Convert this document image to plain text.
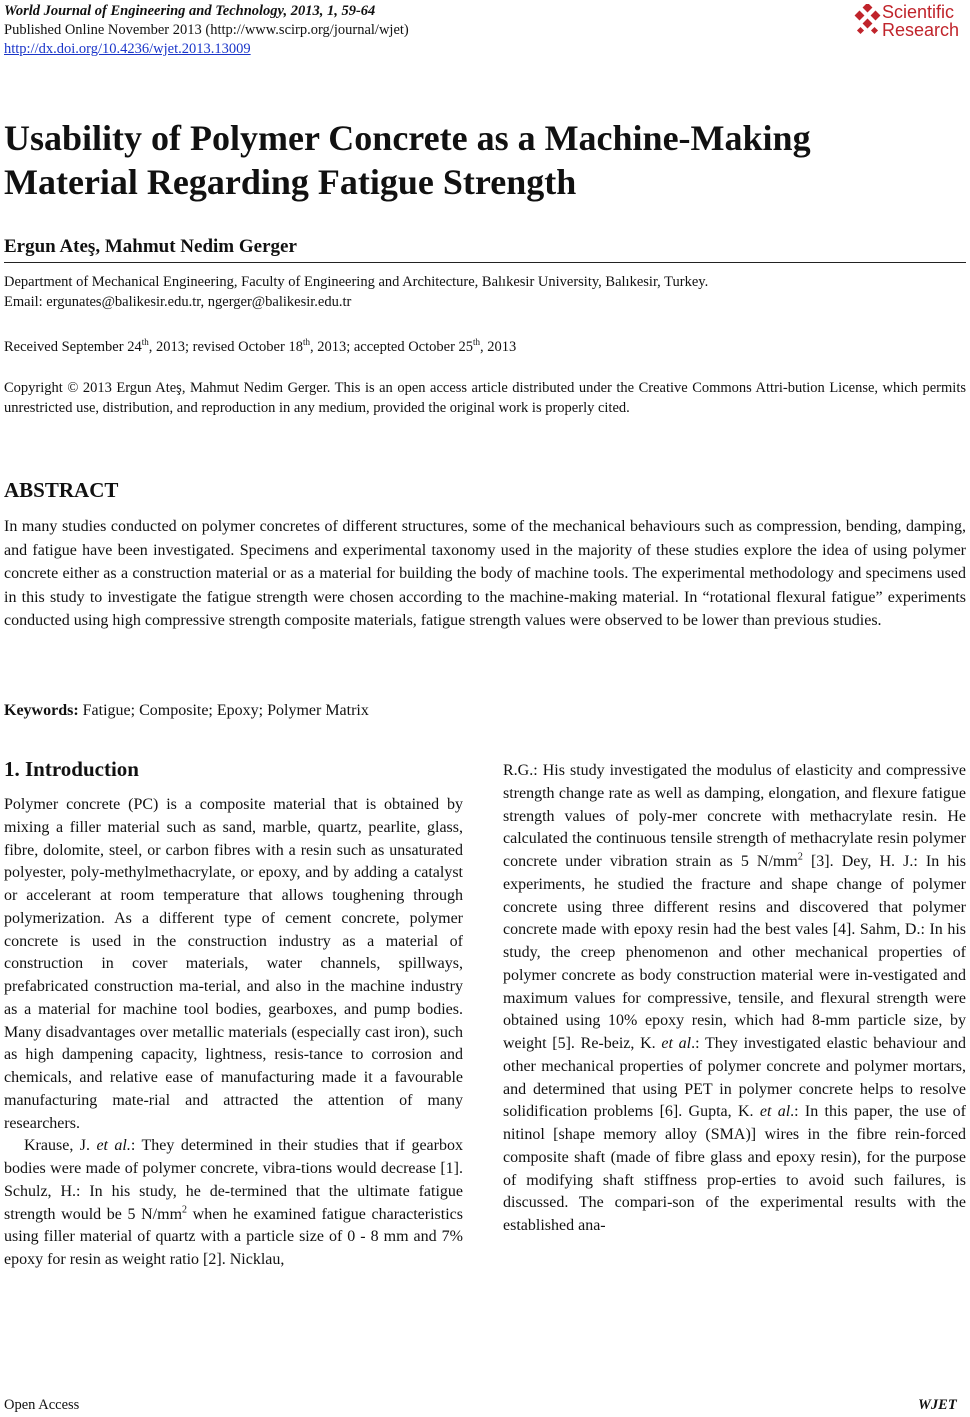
World Journal of Engineering and Technology, 2013, 1, 59-64
Published Online November 2013 (http://www.scirp.org/journal/wjet)
http://dx.doi.org/10.4236/wjet.2013.13009
Scientific
Research
Usability of Polymer Concrete as a Machine-Making
Material Regarding Fatigue Strength

Ergun Ateş, Mahmut Nedim Gerger

Department of Mechanical Engineering, Faculty of Engineering and Architecture, Balıkesir University, Balıkesir, Turkey.

Email: ergunates@balikesir.edu.tr, ngerger@balikesir.edu.tr

Received September 24th, 2013; revised October 18th, 2013; accepted October 25th, 2013

Copyright © 2013 Ergun Ateş, Mahmut Nedim Gerger. This is an open access article distributed under the Creative Commons Attri-bution License, which permits unrestricted use, distribution, and reproduction in any medium, provided the original work is properly cited.

ABSTRACT

In many studies conducted on polymer concretes of different structures, some of the mechanical behaviours such as compression, bending, damping, and fatigue have been investigated. Specimens and experimental taxonomy used in the majority of these studies explore the idea of using polymer concrete either as a construction material or as a material for building the body of machine tools. The experimental methodology and specimens used in this study to investigate the fatigue strength were chosen according to the machine-making material. In “rotational flexural fatigue” experiments conducted using high compressive strength composite materials, fatigue strength values were observed to be lower than previous studies.

Keywords: Fatigue; Composite; Epoxy; Polymer Matrix

1. Introduction

Polymer concrete (PC) is a composite material that is obtained by mixing a filler material such as sand, marble, quartz, pearlite, glass, fibre, dolomite, steel, or carbon fibres with a resin such as unsaturated polyester, poly-methylmethacrylate, or epoxy, and by adding a catalyst or accelerant at room temperature that allows toughening through polymerization. As a different type of cement concrete, polymer concrete is used in the construction industry as a material of construction in cover materials, water channels, spillways, prefabricated construction ma-terial, and also in the machine industry as a material for machine tool bodies, gearboxes, and pump bodies. Many disadvantages over metallic materials (especially cast iron), such as high dampening capacity, lightness, resis-tance to corrosion and chemicals, and relative ease of manufacturing made it a favourable manufacturing mate-rial and attracted the attention of many researchers.

Krause, J. et al.: They determined in their studies that if gearbox bodies were made of polymer concrete, vibra-tions would decrease [1]. Schulz, H.: In his study, he de-termined that the ultimate fatigue strength would be 5 $N/mm^2$ when he examined fatigue characteristics using filler material of quartz with a particle size of 0 - 8 mm and 7% epoxy for resin as weight ratio [2]. Nicklau,

R.G.: His study investigated the modulus of elasticity and compressive strength change rate as well as damping, elongation, and flexure fatigue strength values of poly-mer concrete with methacrylate resin. He calculated the continuous tensile strength of methacrylate resin polymer concrete under vibration strain as 5 $N/mm^2$ [3]. Dey, H. J.: In his experiments, he studied the fracture and shape change of polymer concrete using three different resins and discovered that polymer concrete made with epoxy resin had the best vales [4]. Sahm, D.: In his study, the creep phenomenon and other mechanical properties of polymer concrete as body construction material were in-vestigated and maximum values for compressive, tensile, and flexural strength were obtained using 10% epoxy resin, which had 8-mm particle size, by weight [5]. Re-beiz, K. et al.: They investigated elastic behaviour and other mechanical properties of polymer concrete and polymer mortars, and determined that using PET in polymer concrete helps to resolve solidification problems [6]. Gupta, K. et al.: In this paper, the use of nitinol [shape memory alloy (SMA)] wires in the fibre rein-forced composite shaft (made of fibre glass and epoxy resin), for the purpose of modifying shaft stiffness prop-erties to avoid such failures, is discussed. The compari-son of the experimental results with the established ana-

Open Access	WJET
